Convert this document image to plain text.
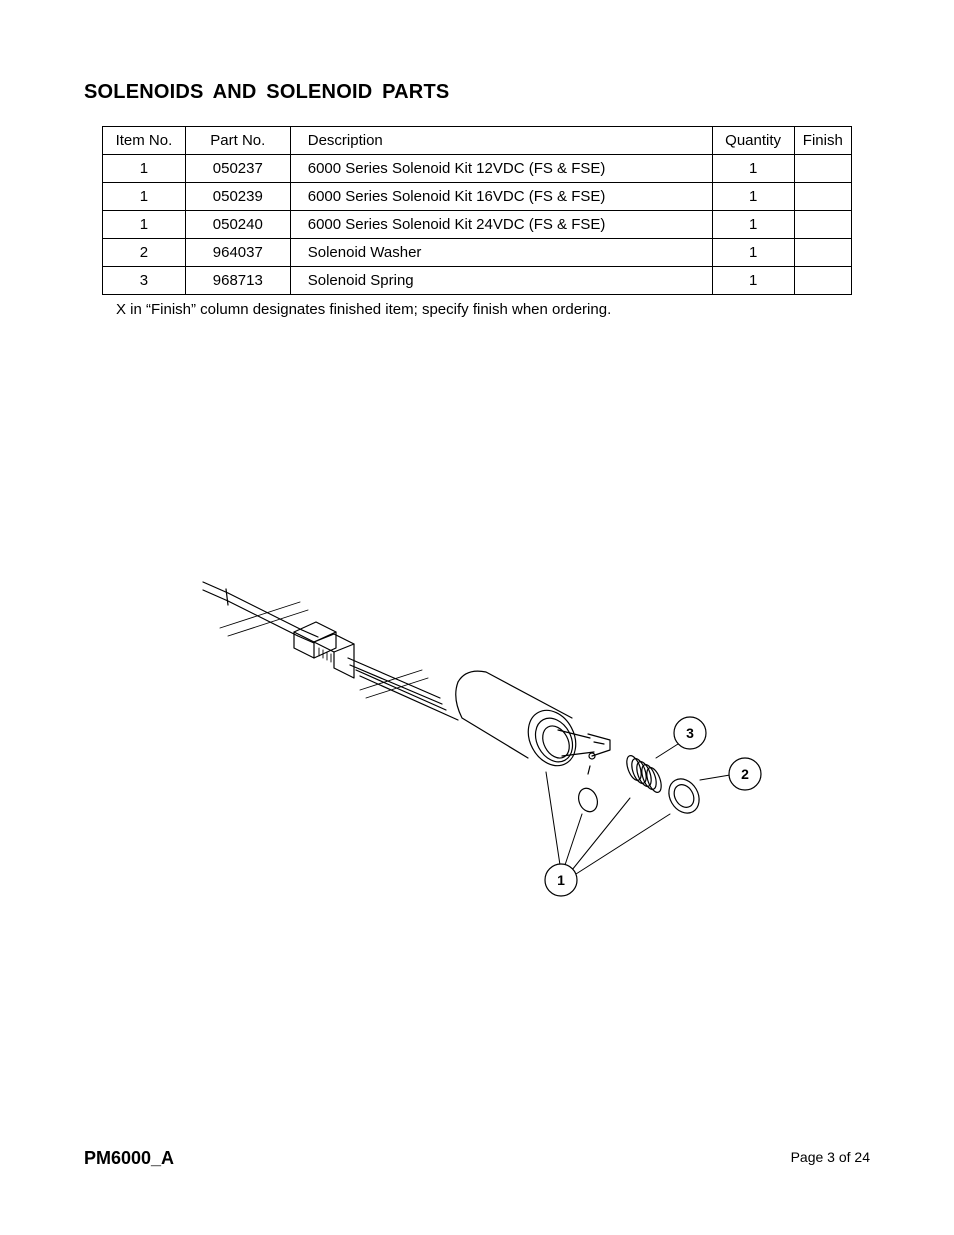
SOLENOIDS AND SOLENOID PARTS
Item No.	Part No.	Description	Quantity	Finish
1	050237	6000 Series Solenoid Kit 12VDC (FS & FSE)	1	
1	050239	6000 Series Solenoid Kit 16VDC (FS & FSE)	1	
1	050240	6000 Series Solenoid Kit 24VDC (FS & FSE)	1	
2	964037	Solenoid Washer	1	
3	968713	Solenoid Spring	1	
X in “Finish” column designates finished item; specify finish when ordering.
1
2
3
PM6000_A	Page 3 of 24
